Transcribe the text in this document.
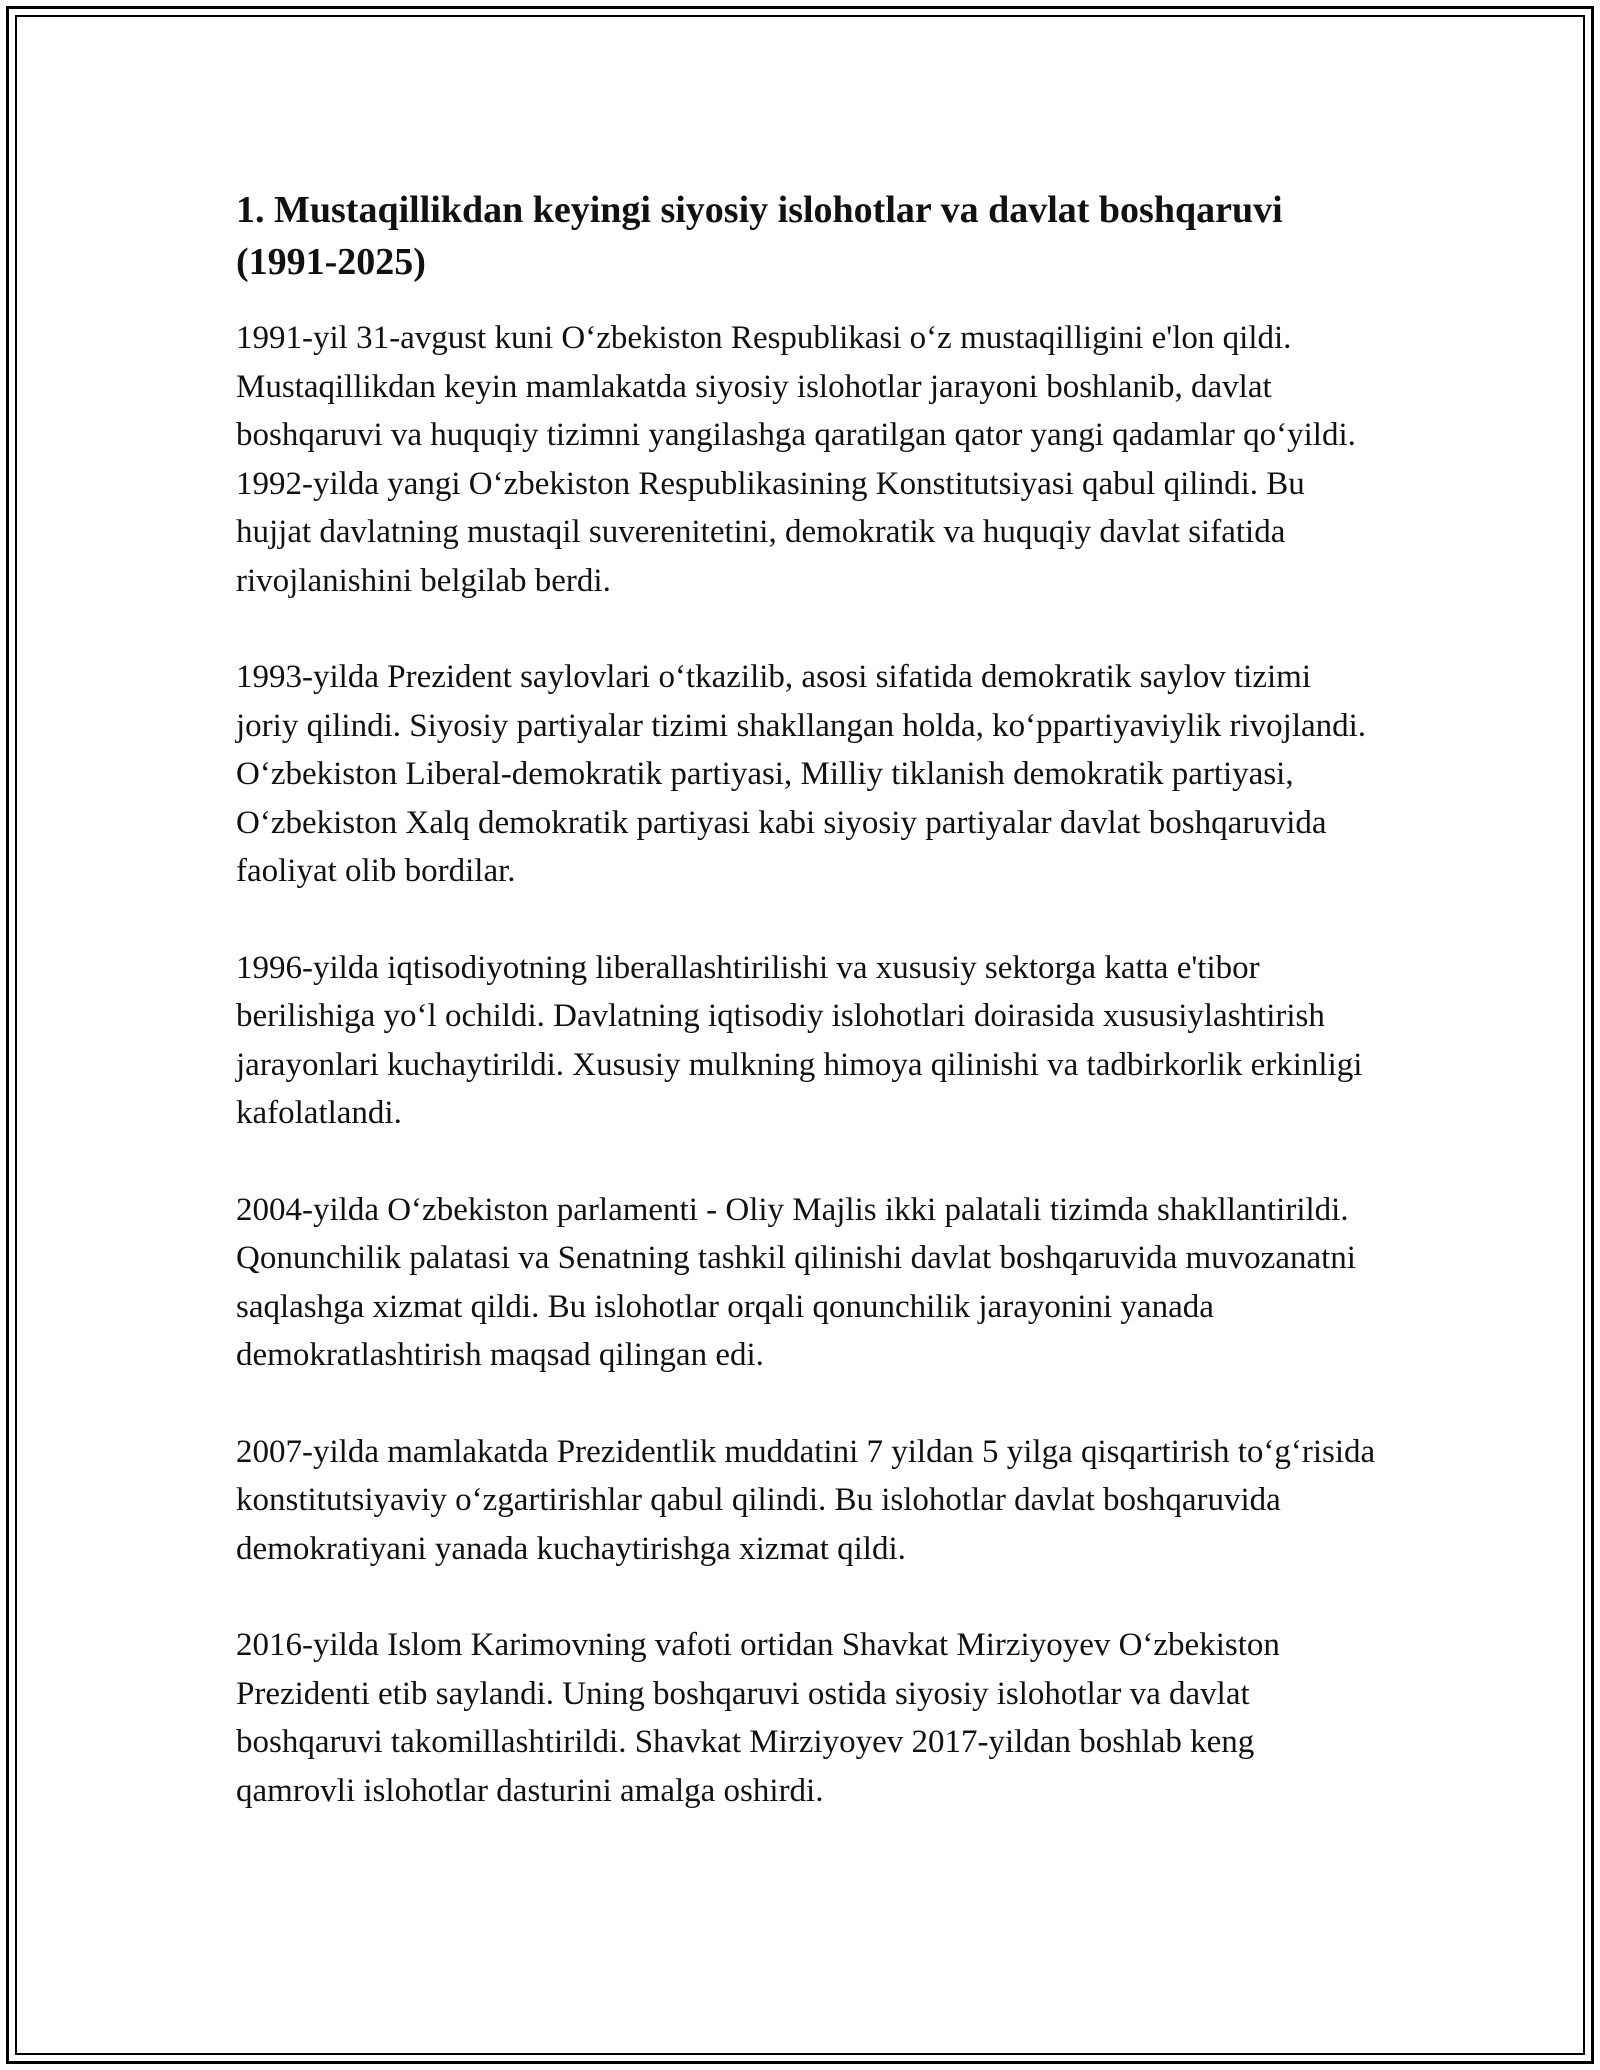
1. Mustaqillikdan keyingi siyosiy islohotlar va davlat boshqaruvi (1991-2025)

1991-yil 31-avgust kuni O‘zbekiston Respublikasi o‘z mustaqilligini e'lon qildi. Mustaqillikdan keyin mamlakatda siyosiy islohotlar jarayoni boshlanib, davlat boshqaruvi va huquqiy tizimni yangilashga qaratilgan qator yangi qadamlar qo‘yildi. 1992-yilda yangi O‘zbekiston Respublikasining Konstitutsiyasi qabul qilindi. Bu hujjat davlatning mustaqil suverenitetini, demokratik va huquqiy davlat sifatida rivojlanishini belgilab berdi.

1993-yilda Prezident saylovlari o‘tkazilib, asosi sifatida demokratik saylov tizimi joriy qilindi. Siyosiy partiyalar tizimi shakllangan holda, ko‘ppartiyaviylik rivojlandi. O‘zbekiston Liberal-demokratik partiyasi, Milliy tiklanish demokratik partiyasi, O‘zbekiston Xalq demokratik partiyasi kabi siyosiy partiyalar davlat boshqaruvida faoliyat olib bordilar.

1996-yilda iqtisodiyotning liberallashtirilishi va xususiy sektorga katta e'tibor berilishiga yo‘l ochildi. Davlatning iqtisodiy islohotlari doirasida xususiylashtirish jarayonlari kuchaytirildi. Xususiy mulkning himoya qilinishi va tadbirkorlik erkinligi kafolatlandi.

2004-yilda O‘zbekiston parlamenti - Oliy Majlis ikki palatali tizimda shakllantirildi. Qonunchilik palatasi va Senatning tashkil qilinishi davlat boshqaruvida muvozanatni saqlashga xizmat qildi. Bu islohotlar orqali qonunchilik jarayonini yanada demokratlashtirish maqsad qilingan edi.

2007-yilda mamlakatda Prezidentlik muddatini 7 yildan 5 yilga qisqartirish to‘g‘risida konstitutsiyaviy o‘zgartirishlar qabul qilindi. Bu islohotlar davlat boshqaruvida demokratiyani yanada kuchaytirishga xizmat qildi.

2016-yilda Islom Karimovning vafoti ortidan Shavkat Mirziyoyev O‘zbekiston Prezidenti etib saylandi. Uning boshqaruvi ostida siyosiy islohotlar va davlat boshqaruvi takomillashtirildi. Shavkat Mirziyoyev 2017-yildan boshlab keng qamrovli islohotlar dasturini amalga oshirdi.
